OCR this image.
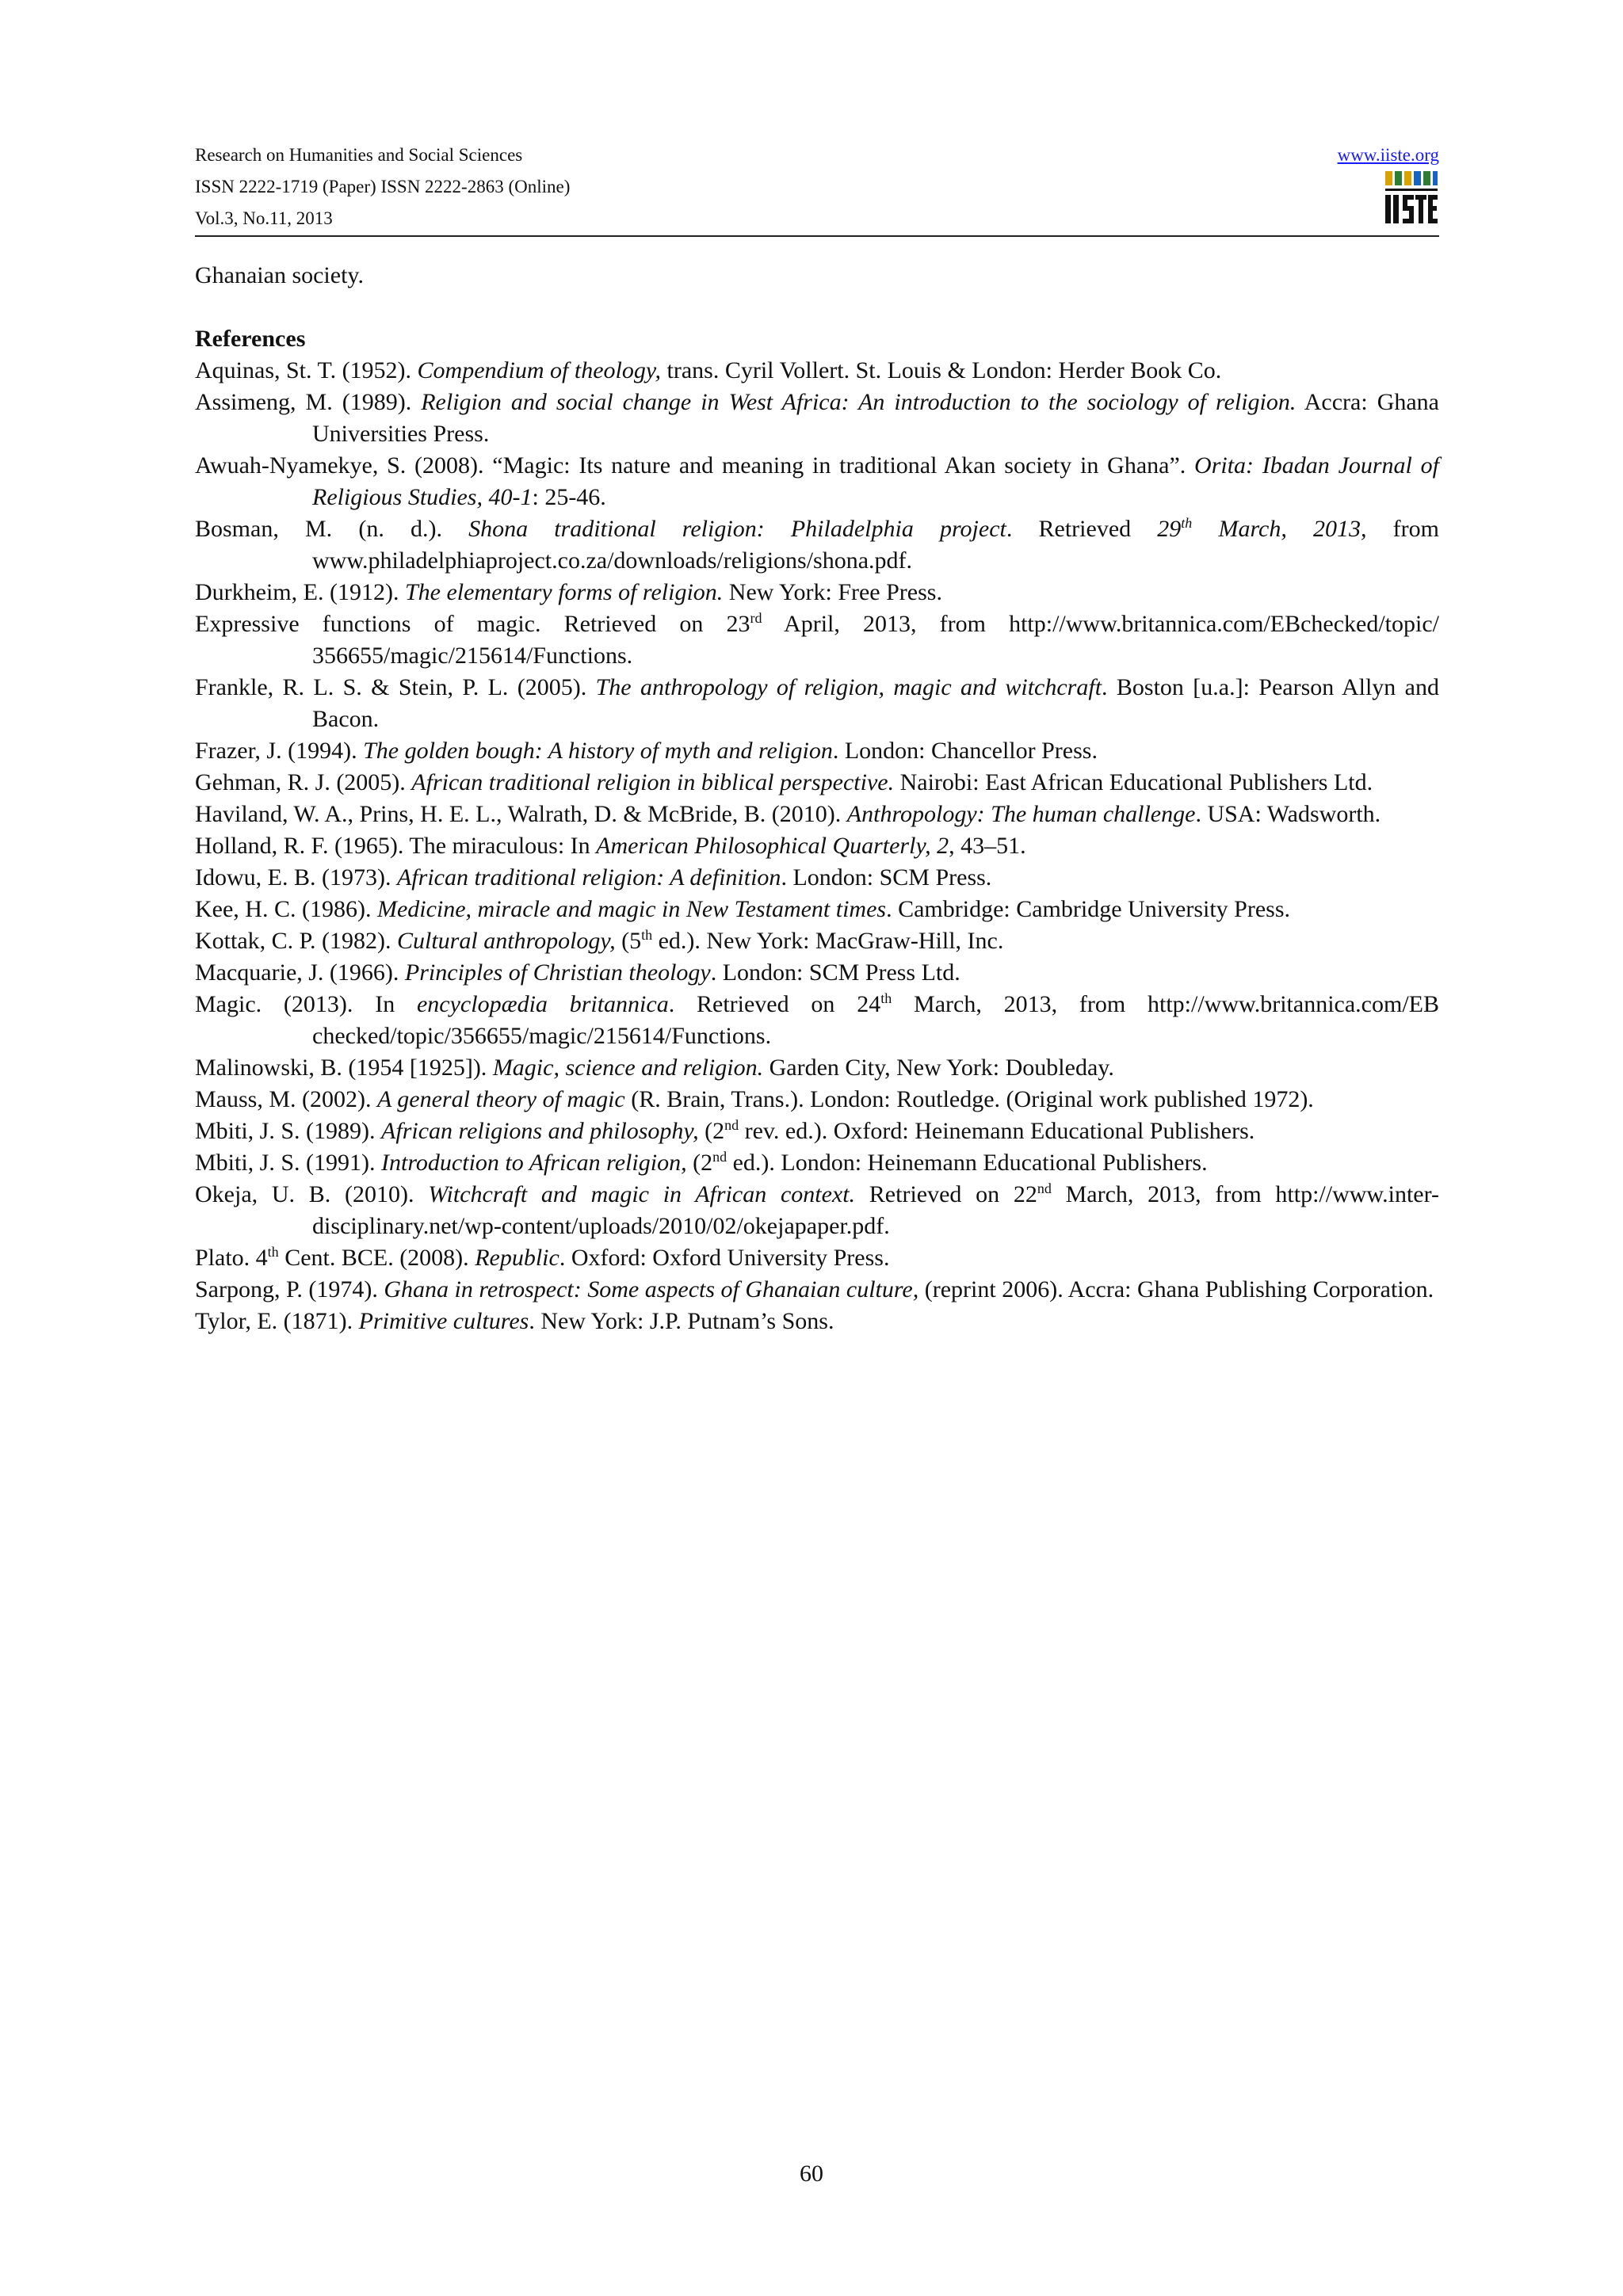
Research on Humanities and Social Sciences
ISSN 2222-1719 (Paper) ISSN 2222-2863 (Online)
Vol.3, No.11, 2013
www.iiste.org

Ghanaian society.

References
Aquinas, St. T. (1952). Compendium of theology, trans. Cyril Vollert. St. Louis & London: Herder Book Co.
Assimeng, M. (1989). Religion and social change in West Africa: An introduction to the sociology of religion. Accra: Ghana Universities Press.
Awuah-Nyamekye, S. (2008). “Magic: Its nature and meaning in traditional Akan society in Ghana”. Orita: Ibadan Journal of Religious Studies, 40-1: 25-46.
Bosman, M. (n. d.). Shona traditional religion: Philadelphia project. Retrieved 29th March, 2013, from www.philadelphiaproject.co.za/downloads/religions/shona.pdf.
Durkheim, E. (1912). The elementary forms of religion. New York: Free Press.
Expressive functions of magic. Retrieved on 23rd April, 2013, from http://www.britannica.com/EBchecked/topic/ 356655/magic/215614/Functions.
Frankle, R. L. S. & Stein, P. L. (2005). The anthropology of religion, magic and witchcraft. Boston [u.a.]: Pearson Allyn and Bacon.
Frazer, J. (1994). The golden bough: A history of myth and religion. London: Chancellor Press.
Gehman, R. J. (2005). African traditional religion in biblical perspective. Nairobi: East African Educational Publishers Ltd.
Haviland, W. A., Prins, H. E. L., Walrath, D. & McBride, B. (2010). Anthropology: The human challenge. USA: Wadsworth.
Holland, R. F. (1965). The miraculous: In American Philosophical Quarterly, 2, 43–51.
Idowu, E. B. (1973). African traditional religion: A definition. London: SCM Press.
Kee, H. C. (1986). Medicine, miracle and magic in New Testament times. Cambridge: Cambridge University Press.
Kottak, C. P. (1982). Cultural anthropology, (5th ed.). New York: MacGraw-Hill, Inc.
Macquarie, J. (1966). Principles of Christian theology. London: SCM Press Ltd.
Magic. (2013). In encyclopædia britannica. Retrieved on 24th March, 2013, from http://www.britannica.com/EB checked/topic/356655/magic/215614/Functions.
Malinowski, B. (1954 [1925]). Magic, science and religion. Garden City, New York: Doubleday.
Mauss, M. (2002). A general theory of magic (R. Brain, Trans.). London: Routledge. (Original work published 1972).
Mbiti, J. S. (1989). African religions and philosophy, (2nd rev. ed.). Oxford: Heinemann Educational Publishers.
Mbiti, J. S. (1991). Introduction to African religion, (2nd ed.). London: Heinemann Educational Publishers.
Okeja, U. B. (2010). Witchcraft and magic in African context. Retrieved on 22nd March, 2013, from http://www.inter-disciplinary.net/wp-content/uploads/2010/02/okejapaper.pdf.
Plato. 4th Cent. BCE. (2008). Republic. Oxford: Oxford University Press.
Sarpong, P. (1974). Ghana in retrospect: Some aspects of Ghanaian culture, (reprint 2006). Accra: Ghana Publishing Corporation.
Tylor, E. (1871). Primitive cultures. New York: J.P. Putnam’s Sons.
60
